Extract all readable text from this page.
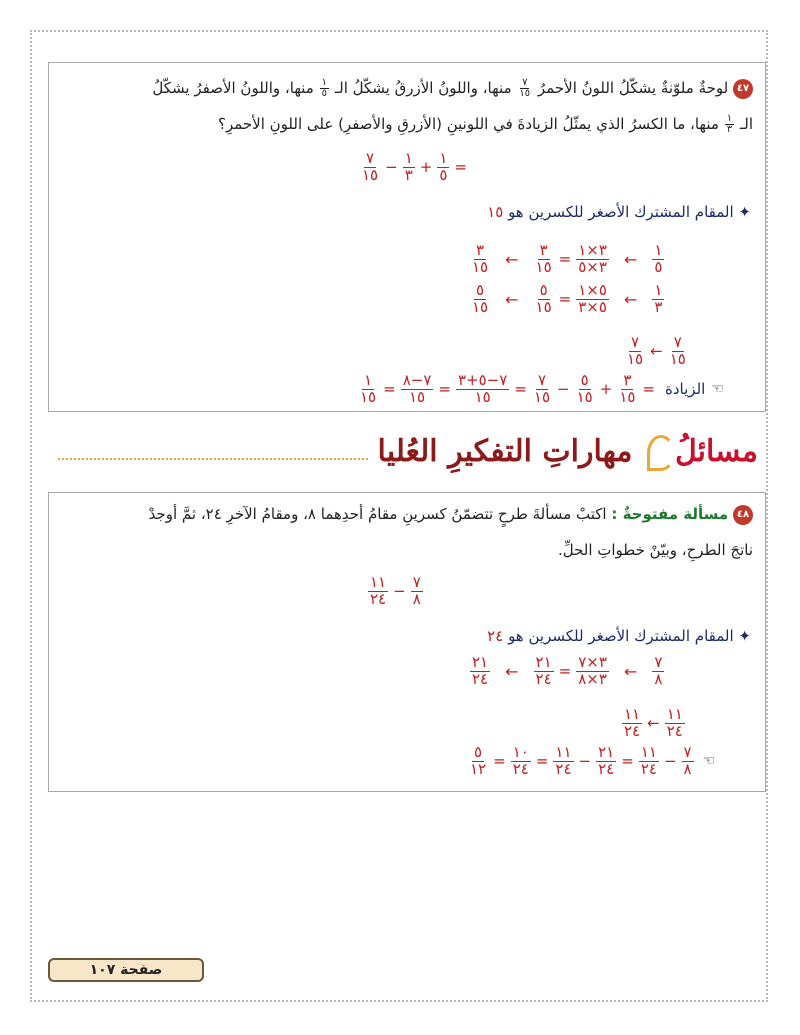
٤٧ لوحةٌ ملوّنةٌ يشكّلُ اللونُ الأحمرُ
$\frac{٧}{١٥}$
منها، واللونُ الأزرقُ يشكّلُ الـ
$\frac{١}{٥}$
منها، واللونُ الأصفرُ يشكّلُ
الـ
$\frac{١}{٣}$
منها، ما الكسرُ الذي يمثّلُ الزيادةَ في اللونينِ (الأزرقِ والأصفرِ) على اللونِ الأحمرِ؟
$\frac{٧}{١٥} - \frac{١}{٣} + \frac{١}{٥}$ =
✦ المقام المشترك الأصغر للكسرين هو ١٥
$\frac{٣}{١٥}$ ← $\frac{٣}{١٥} = \frac{٣\times ١}{٣\times ٥}$ ← $\frac{١}{٥}$
$\frac{٥}{١٥}$ ← $\frac{٥}{١٥} = \frac{٥\times ١}{٥\times ٣}$ ← $\frac{١}{٣}$
$\frac{٧}{١٥}$ ← $\frac{٧}{١٥}$
$\frac{١}{١٥} = \frac{٧-٨}{١٥} = \frac{٧-٥+٣}{١٥} = \frac{٧}{١٥} - \frac{٥}{١٥} + \frac{٣}{١٥}$ = الزيادة ☜
مسائلُ مهاراتِ التفكيرِ العُليا
٤٨ مسألة مفتوحةٌ : اكتبْ مسألةَ طرحٍ تتضمّنُ كسرينِ مقامُ أحدِهما ٨، ومقامُ الآخرِ ٢٤، ثمَّ أوجدْ
ناتجَ الطرحِ، وبيّنْ خطواتِ الحلِّ.
$\frac{١١}{٢٤} - \frac{٧}{٨}$
✦ المقام المشترك الأصغر للكسرين هو ٢٤
$\frac{٢١}{٢٤}$ ← $\frac{٢١}{٢٤} = \frac{٣\times ٧}{٣\times ٨}$ ← $\frac{٧}{٨}$
$\frac{١١}{٢٤}$ ← $\frac{١١}{٢٤}$
$\frac{٥}{١٢} = \frac{١٠}{٢٤} = \frac{١١}{٢٤} - \frac{٢١}{٢٤} = \frac{١١}{٢٤} - \frac{٧}{٨}$ ☜
صفحة ١٠٧
